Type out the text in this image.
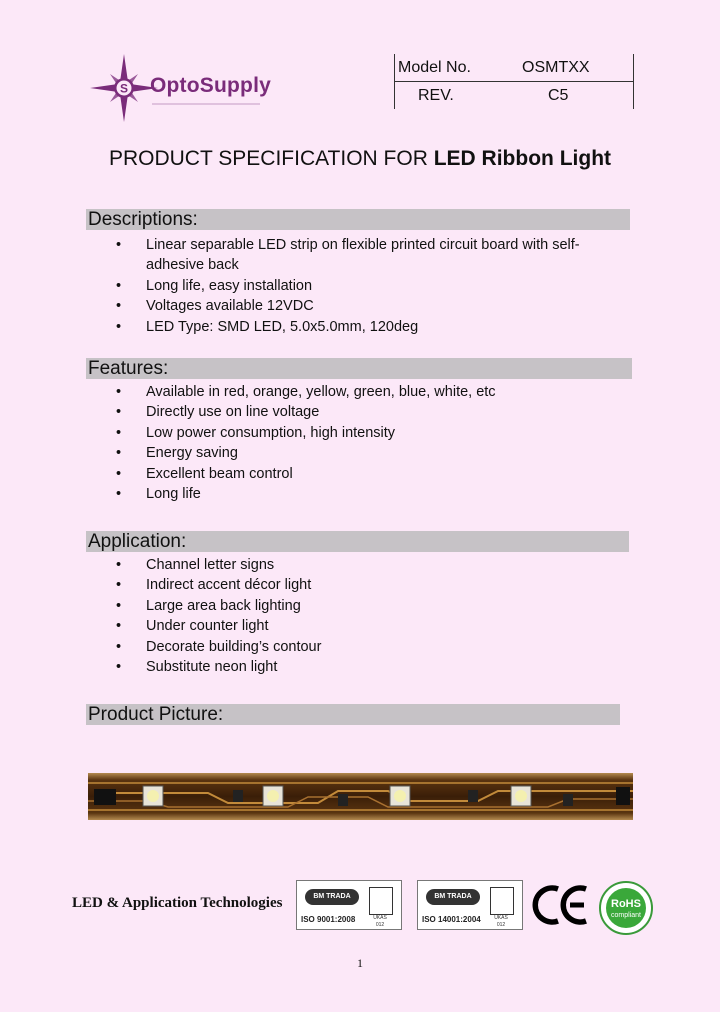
S OptoSupply
Model No.	OSMTXX
REV.	C5
PRODUCT SPECIFICATION FOR LED Ribbon Light
Descriptions:
• Linear separable LED strip on flexible printed circuit board with self-adhesive back
• Long life, easy installation
• Voltages available 12VDC
• LED Type: SMD LED, 5.0x5.0mm, 120deg
Features:
• Available in red, orange, yellow, green, blue, white, etc
• Directly use on line voltage
• Low power consumption, high intensity
• Energy saving
• Excellent beam control
• Long life
Application:
• Channel letter signs
• Indirect accent décor light
• Large area back lighting
• Under counter light
• Decorate building’s contour
• Substitute neon light
Product Picture:
LED & Application Technologies	BM TRADA
ISO 9001:2008	UKAS
012
BM TRADA
ISO 14001:2004	UKAS
012
RoHS
compliant
1
